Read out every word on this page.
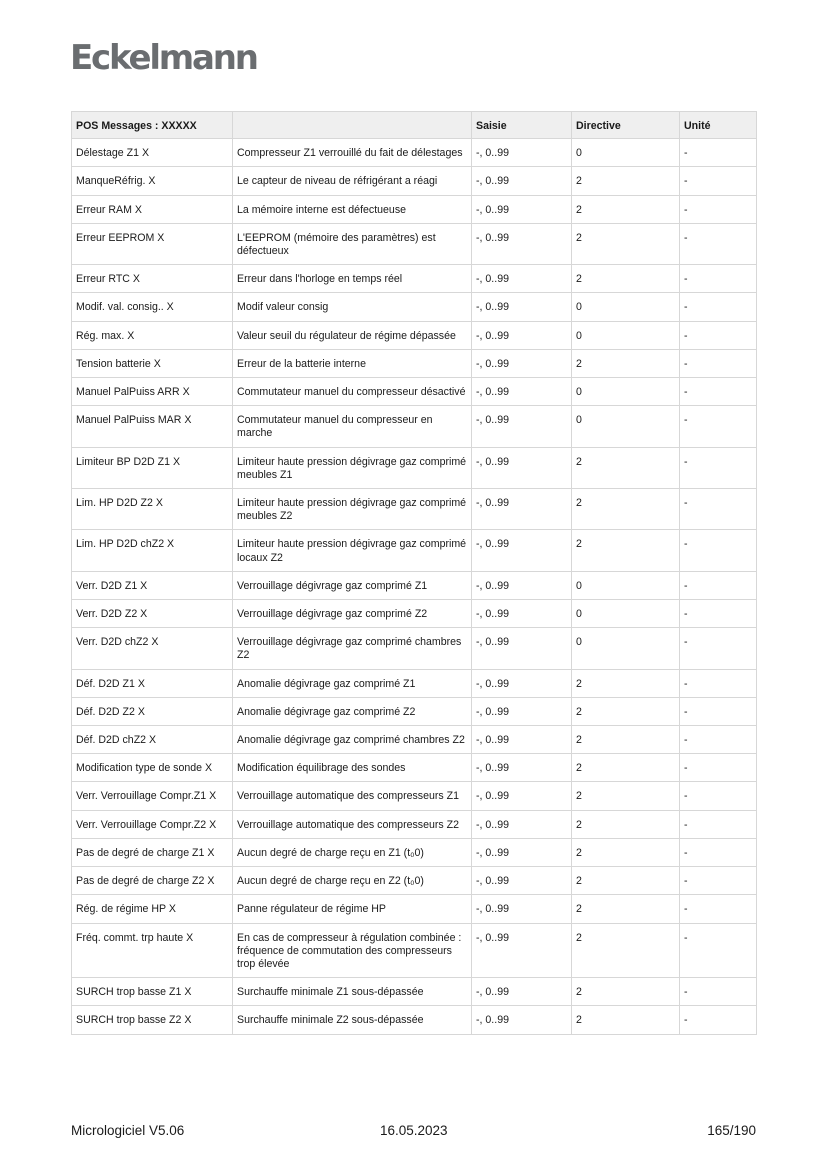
Eckelmann
POS Messages : XXXXX		Saisie	Directive	Unité
Délestage Z1 X	Compresseur Z1 verrouillé du fait de délestages	-, 0..99	0	-
ManqueRéfrig. X	Le capteur de niveau de réfrigérant a réagi	-, 0..99	2	-
Erreur RAM X	La mémoire interne est défectueuse	-, 0..99	2	-
Erreur EEPROM X	L'EEPROM (mémoire des paramètres) est défectueux	-, 0..99	2	-
Erreur RTC X	Erreur dans l'horloge en temps réel	-, 0..99	2	-
Modif. val. consig.. X	Modif valeur consig	-, 0..99	0	-
Rég. max. X	Valeur seuil du régulateur de régime dépassée	-, 0..99	0	-
Tension batterie X	Erreur de la batterie interne	-, 0..99	2	-
Manuel PalPuiss ARR X	Commutateur manuel du compresseur désactivé	-, 0..99	0	-
Manuel PalPuiss MAR X	Commutateur manuel du compresseur en marche	-, 0..99	0	-
Limiteur BP D2D Z1 X	Limiteur haute pression dégivrage gaz comprimé meubles Z1	-, 0..99	2	-
Lim. HP D2D Z2 X	Limiteur haute pression dégivrage gaz comprimé meubles Z2	-, 0..99	2	-
Lim. HP D2D chZ2 X	Limiteur haute pression dégivrage gaz comprimé locaux Z2	-, 0..99	2	-
Verr. D2D Z1 X	Verrouillage dégivrage gaz comprimé Z1	-, 0..99	0	-
Verr. D2D Z2 X	Verrouillage dégivrage gaz comprimé Z2	-, 0..99	0	-
Verr. D2D chZ2 X	Verrouillage dégivrage gaz comprimé chambres Z2	-, 0..99	0	-
Déf. D2D Z1 X	Anomalie dégivrage gaz comprimé Z1	-, 0..99	2	-
Déf. D2D Z2 X	Anomalie dégivrage gaz comprimé Z2	-, 0..99	2	-
Déf. D2D chZ2 X	Anomalie dégivrage gaz comprimé chambres Z2	-, 0..99	2	-
Modification type de sonde X	Modification équilibrage des sondes	-, 0..99	2	-
Verr. Verrouillage Compr.Z1 X	Verrouillage automatique des compresseurs Z1	-, 0..99	2	-
Verr. Verrouillage Compr.Z2 X	Verrouillage automatique des compresseurs Z2	-, 0..99	2	-
Pas de degré de charge Z1 X	Aucun degré de charge reçu en Z1 (t₀0)	-, 0..99	2	-
Pas de degré de charge Z2 X	Aucun degré de charge reçu en Z2 (t₀0)	-, 0..99	2	-
Rég. de régime HP X	Panne régulateur de régime HP	-, 0..99	2	-
Fréq. commt. trp haute X	En cas de compresseur à régulation combinée : fréquence de commutation des compresseurs trop élevée	-, 0..99	2	-
SURCH trop basse Z1 X	Surchauffe minimale Z1 sous-dépassée	-, 0..99	2	-
SURCH trop basse Z2 X	Surchauffe minimale Z2 sous-dépassée	-, 0..99	2	-
Micrologiciel V5.06	16.05.2023	165/190
